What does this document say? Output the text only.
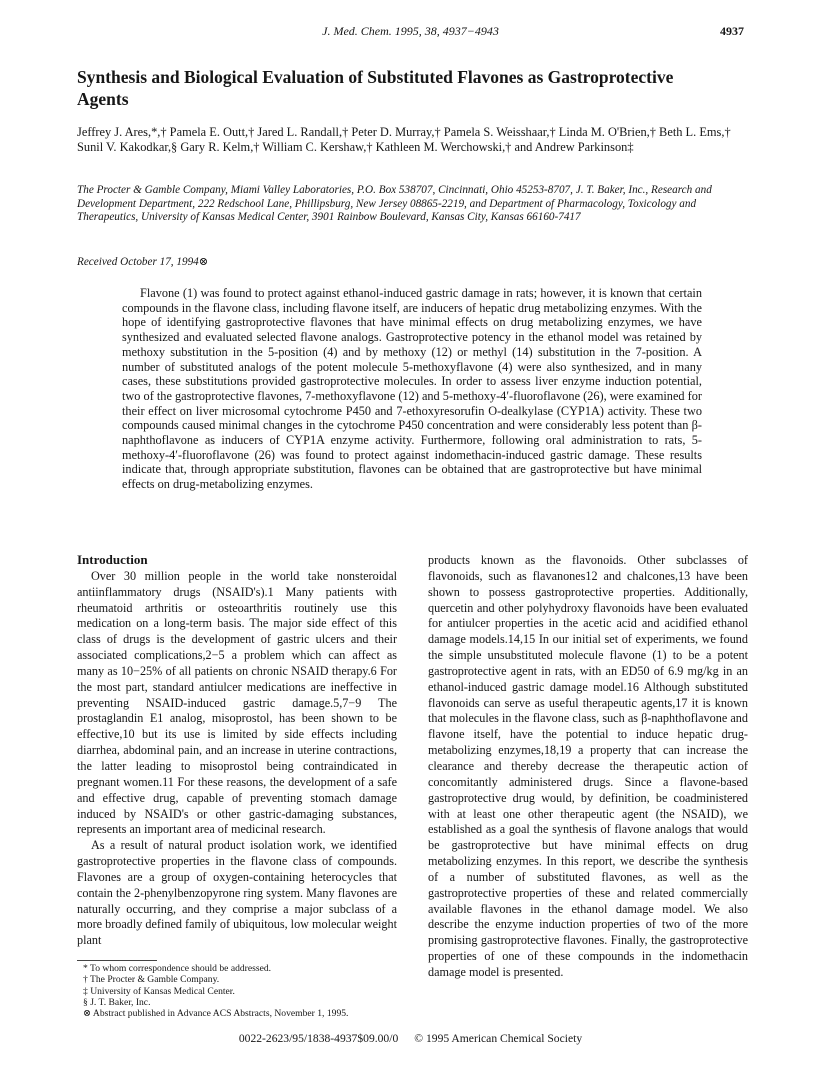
J. Med. Chem. 1995, 38, 4937−4943	4937
Synthesis and Biological Evaluation of Substituted Flavones as Gastroprotective Agents
Jeffrey J. Ares,*,† Pamela E. Outt,† Jared L. Randall,† Peter D. Murray,† Pamela S. Weisshaar,† Linda M. O'Brien,† Beth L. Ems,† Sunil V. Kakodkar,§ Gary R. Kelm,† William C. Kershaw,† Kathleen M. Werchowski,† and Andrew Parkinson‡
The Procter & Gamble Company, Miami Valley Laboratories, P.O. Box 538707, Cincinnati, Ohio 45253-8707, J. T. Baker, Inc., Research and Development Department, 222 Redschool Lane, Phillipsburg, New Jersey 08865-2219, and Department of Pharmacology, Toxicology and Therapeutics, University of Kansas Medical Center, 3901 Rainbow Boulevard, Kansas City, Kansas 66160-7417
Received October 17, 1994⊗

Flavone (1) was found to protect against ethanol-induced gastric damage in rats; however, it is known that certain compounds in the flavone class, including flavone itself, are inducers of hepatic drug metabolizing enzymes. With the hope of identifying gastroprotective flavones that have minimal effects on drug metabolizing enzymes, we have synthesized and evaluated selected flavone analogs. Gastroprotective potency in the ethanol model was retained by methoxy substitution in the 5-position (4) and by methoxy (12) or methyl (14) substitution in the 7-position. A number of substituted analogs of the potent molecule 5-methoxyflavone (4) were also synthesized, and in many cases, these substitutions provided gastroprotective molecules. In order to assess liver enzyme induction potential, two of the gastroprotective flavones, 7-methoxyflavone (12) and 5-methoxy-4′-fluoroflavone (26), were examined for their effect on liver microsomal cytochrome P450 and 7-ethoxyresorufin O-dealkylase (CYP1A) activity. These two compounds caused minimal changes in the cytochrome P450 concentration and were considerably less potent than β-naphthoflavone as inducers of CYP1A enzyme activity. Furthermore, following oral administration to rats, 5-methoxy-4′-fluoroflavone (26) was found to protect against indomethacin-induced gastric damage. These results indicate that, through appropriate substitution, flavones can be obtained that are gastroprotective but have minimal effects on drug-metabolizing enzymes.

Introduction

Over 30 million people in the world take nonsteroidal antiinflammatory drugs (NSAID's).1 Many patients with rheumatoid arthritis or osteoarthritis routinely use this medication on a long-term basis. The major side effect of this class of drugs is the development of gastric ulcers and their associated complications,2−5 a problem which can affect as many as 10−25% of all patients on chronic NSAID therapy.6 For the most part, standard antiulcer medications are ineffective in preventing NSAID-induced gastric damage.5,7−9 The prostaglandin E1 analog, misoprostol, has been shown to be effective,10 but its use is limited by side effects including diarrhea, abdominal pain, and an increase in uterine contractions, the latter leading to misoprostol being contraindicated in pregnant women.11 For these reasons, the development of a safe and effective drug, capable of preventing stomach damage induced by NSAID's or other gastric-damaging substances, represents an important area of medicinal research.

As a result of natural product isolation work, we identified gastroprotective properties in the flavone class of compounds. Flavones are a group of oxygen-containing heterocycles that contain the 2-phenylbenzopyrone ring system. Many flavones are naturally occurring, and they comprise a major subclass of a more broadly defined family of ubiquitous, low molecular weight plant

products known as the flavonoids. Other subclasses of flavonoids, such as flavanones12 and chalcones,13 have been shown to possess gastroprotective properties. Additionally, quercetin and other polyhydroxy flavonoids have been evaluated for antiulcer properties in the acetic acid and acidified ethanol damage models.14,15 In our initial set of experiments, we found the simple unsubstituted molecule flavone (1) to be a potent gastroprotective agent in rats, with an ED50 of 6.9 mg/kg in an ethanol-induced gastric damage model.16 Although substituted flavonoids can serve as useful therapeutic agents,17 it is known that molecules in the flavone class, such as β-naphthoflavone and flavone itself, have the potential to induce hepatic drug-metabolizing enzymes,18,19 a property that can increase the clearance and thereby decrease the therapeutic action of concomitantly administered drugs. Since a flavone-based gastroprotective drug would, by definition, be coadministered with at least one other therapeutic agent (the NSAID), we established as a goal the synthesis of flavone analogs that would be gastroprotective but have minimal effects on drug metabolizing enzymes. In this report, we describe the synthesis of a number of substituted flavones, as well as the gastroprotective properties of these and related commercially available flavones in the ethanol damage model. We also describe the enzyme induction properties of two of the more promising gastroprotective flavones. Finally, the gastroprotective properties of one of these compounds in the indomethacin damage model is presented.

* To whom correspondence should be addressed.
† The Procter & Gamble Company.
‡ University of Kansas Medical Center.
§ J. T. Baker, Inc.
⊗ Abstract published in Advance ACS Abstracts, November 1, 1995.
0022-2623/95/1838-4937$09.00/0 © 1995 American Chemical Society
